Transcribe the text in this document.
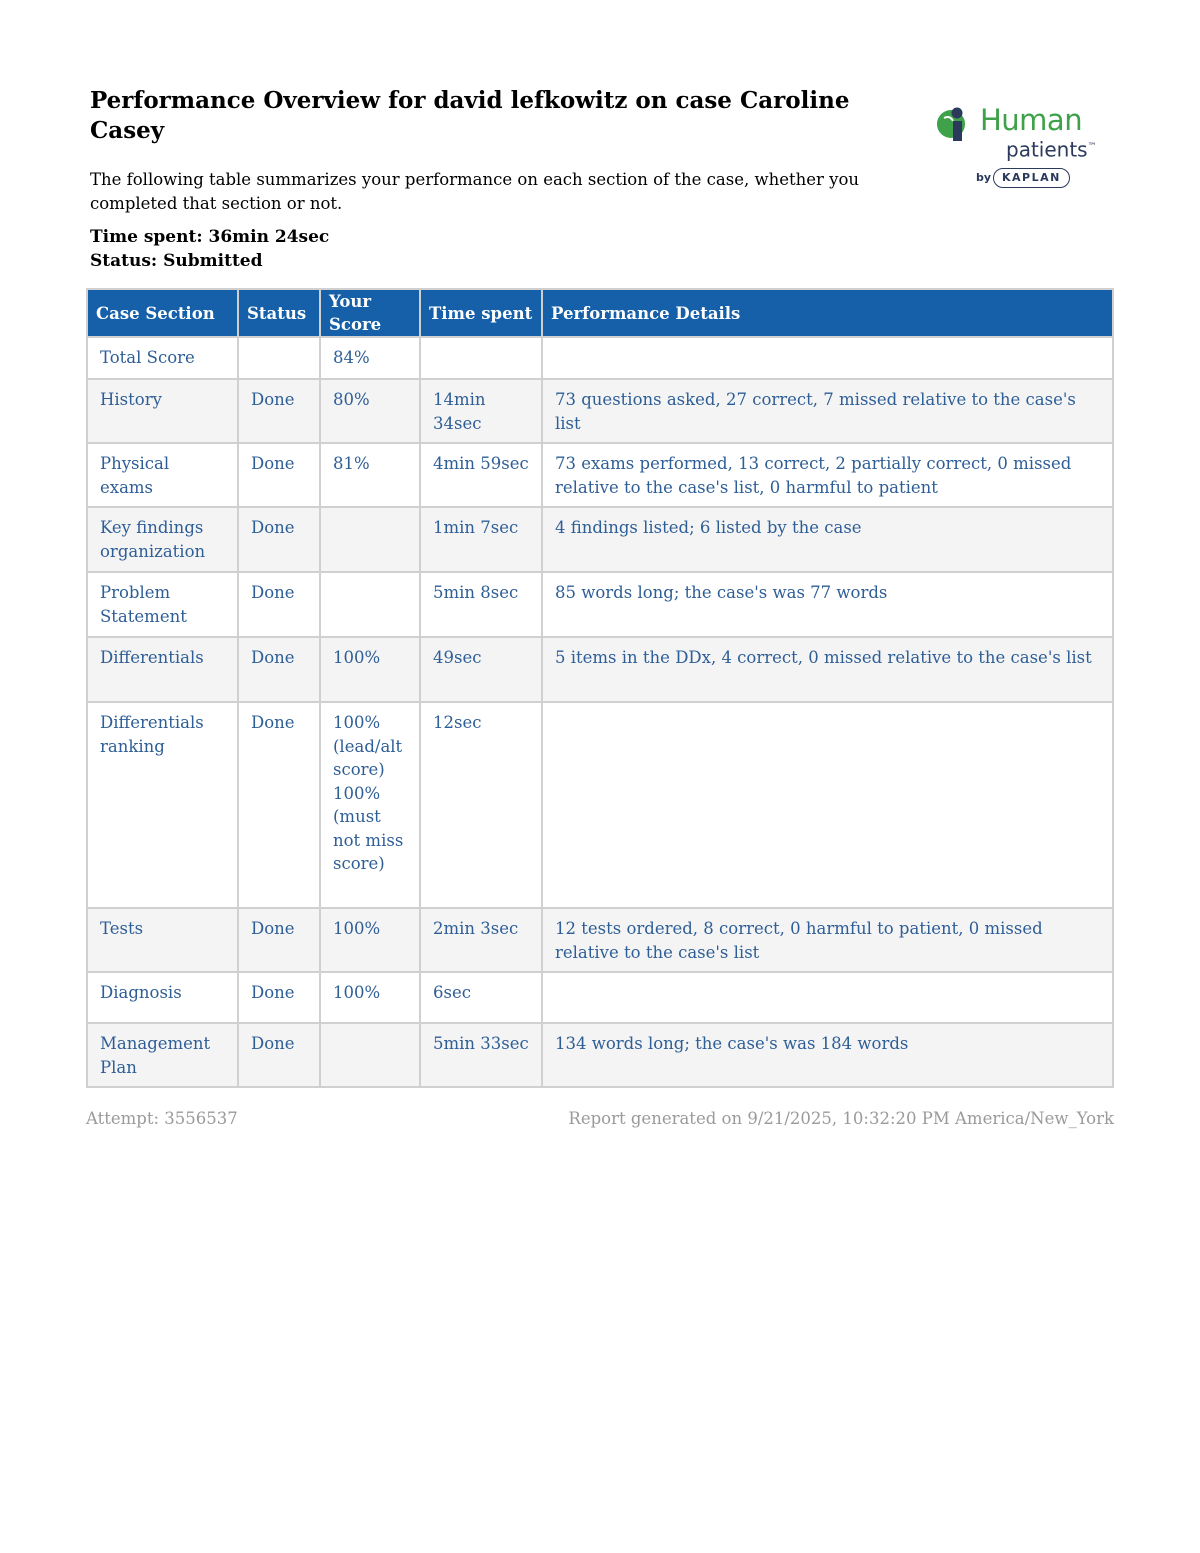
Performance Overview for david lefkowitz on case Caroline Casey

The following table summarizes your performance on each section of the case, whether you completed that section or not.

Time spent: 36min 24sec
Status: Submitted
Human
patients™
by KAPLAN
Case Section	Status	Your Score	Time spent	Performance Details
Total Score		84%		
History	Done	80%	14min 34sec	73 questions asked, 27 correct, 7 missed relative to the case's list
Physical exams	Done	81%	4min 59sec	73 exams performed, 13 correct, 2 partially correct, 0 missed relative to the case's list, 0 harmful to patient
Key findings organization	Done		1min 7sec	4 findings listed; 6 listed by the case
Problem Statement	Done		5min 8sec	85 words long; the case's was 77 words
Differentials	Done	100%	49sec	5 items in the DDx, 4 correct, 0 missed relative to the case's list
Differentials ranking	Done	100% (lead/alt score) 100% (must not miss score)	12sec	
Tests	Done	100%	2min 3sec	12 tests ordered, 8 correct, 0 harmful to patient, 0 missed relative to the case's list
Diagnosis	Done	100%	6sec	
Management Plan	Done		5min 33sec	134 words long; the case's was 184 words
Attempt: 3556537	Report generated on 9/21/2025, 10:32:20 PM America/New_York
